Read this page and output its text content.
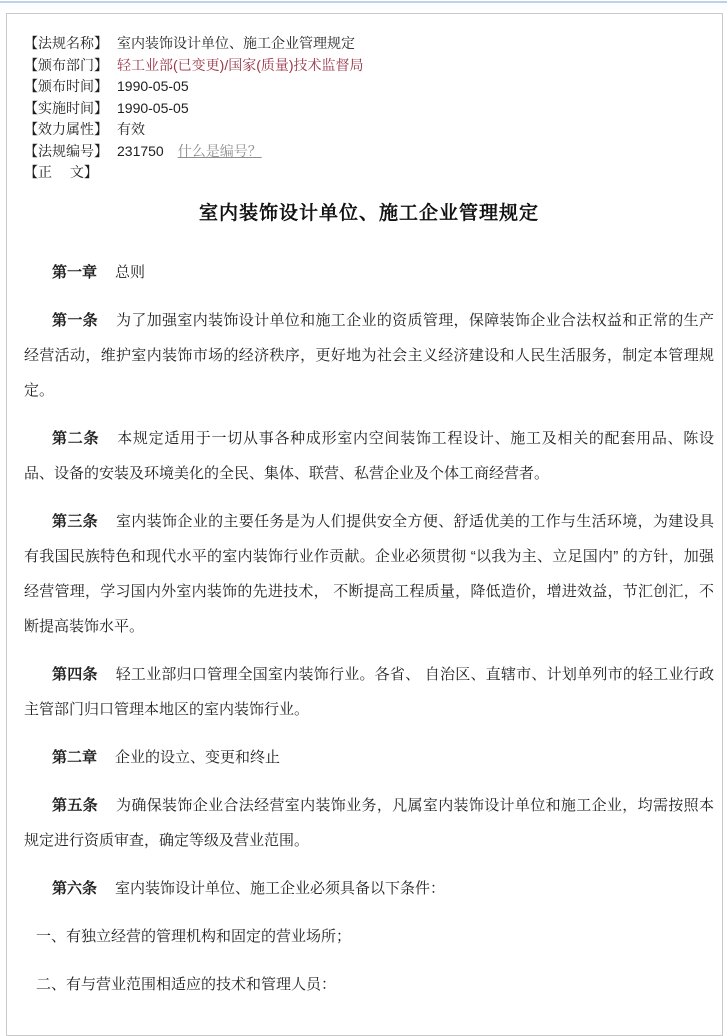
【法规名称】 室内装饰设计单位、施工企业管理规定
【颁布部门】 轻工业部(已变更)/国家(质量)技术监督局
【颁布时间】 1990-05-05
【实施时间】 1990-05-05
【效力属性】 有效
【法规编号】 231750 什么是编号？
【正　 文】
室内装饰设计单位、施工企业管理规定

第一章 总则

第一条 为了加强室内装饰设计单位和施工企业的资质管理，保障装饰企业合法权益和正常的生产经营活动，维护室内装饰市场的经济秩序，更好地为社会主义经济建设和人民生活服务，制定本管理规定。

第二条 本规定适用于一切从事各种成形室内空间装饰工程设计、施工及相关的配套用品、陈设品、设备的安装及环境美化的全民、集体、联营、私营企业及个体工商经营者。

第三条 室内装饰企业的主要任务是为人们提供安全方便、舒适优美的工作与生活环境，为建设具有我国民族特色和现代水平的室内装饰行业作贡献。企业必须贯彻 “以我为主、立足国内” 的方针，加强经营管理，学习国内外室内装饰的先进技术， 不断提高工程质量，降低造价，增进效益，节汇创汇，不断提高装饰水平。

第四条 轻工业部归口管理全国室内装饰行业。各省、 自治区、直辖市、计划单列市的轻工业行政主管部门归口管理本地区的室内装饰行业。

第二章 企业的设立、变更和终止

第五条 为确保装饰企业合法经营室内装饰业务，凡属室内装饰设计单位和施工企业，均需按照本规定进行资质审查，确定等级及营业范围。

第六条 室内装饰设计单位、施工企业必须具备以下条件：

一、有独立经营的管理机构和固定的营业场所；

二、有与营业范围相适应的技术和管理人员：
